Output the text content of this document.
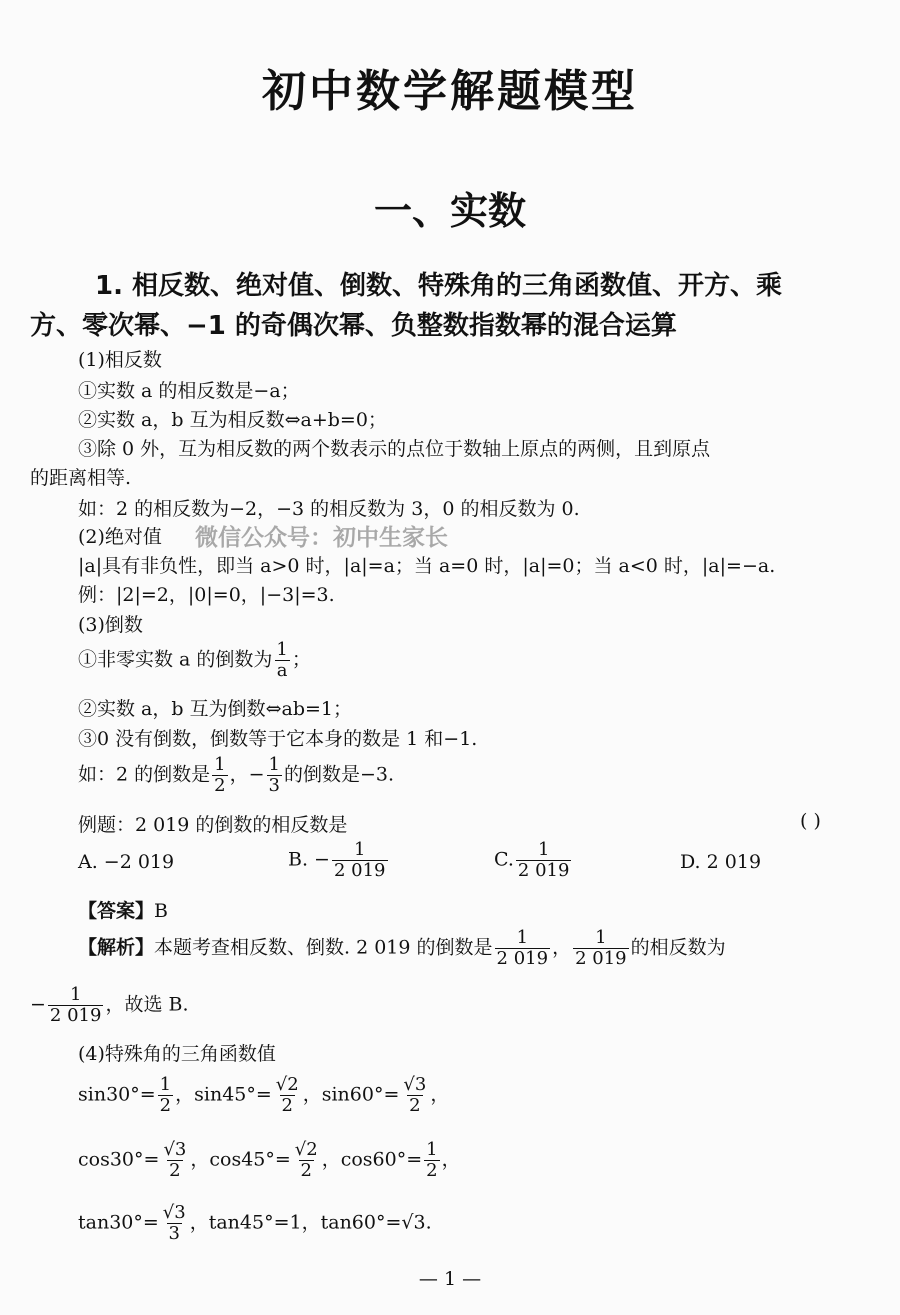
初中数学解题模型
一、实数
1. 相反数、绝对值、倒数、特殊角的三角函数值、开方、乘
方、零次幂、−1 的奇偶次幂、负整数指数幂的混合运算
(1)相反数
①实数 a 的相反数是−a；
②实数 a，b 互为相反数⇔a+b=0；
③除 0 外，互为相反数的两个数表示的点位于数轴上原点的两侧，且到原点
的距离相等.
如：2 的相反数为−2，−3 的相反数为 3，0 的相反数为 0.
(2)绝对值 微信公众号：初中生家长
|a|具有非负性，即当 a>0 时，|a|=a；当 a=0 时，|a|=0；当 a<0 时，|a|=−a.
例：|2|=2，|0|=0，|−3|=3.
(3)倒数
①非零实数 a 的倒数为 $\frac{1}{a}$ ；
②实数 a，b 互为倒数⇔ab=1；
③0 没有倒数，倒数等于它本身的数是 1 和−1.
如：2 的倒数是 $\frac{1}{2}$ ，− $\frac{1}{3}$ 的倒数是−3.
例题：2 019 的倒数的相反数是	( )
A. −2 019	B. − $\frac{1}{2 019}$	C. $\frac{1}{2 019}$	D. 2 019
【答案】B
【解析】本题考查相反数、倒数. 2 019 的倒数是 $\frac{1}{2 019}$ ， $\frac{1}{2 019}$ 的相反数为
− $\frac{1}{2 019}$ ，故选 B.
(4)特殊角的三角函数值
$\sin 30^\circ= \frac{1}{2}$ ，$\sin 45^\circ= \frac{√2}{2}$ ，$\sin 60^\circ= \frac{√3}{2}$ ，
$\cos 30^\circ= \frac{√3}{2}$ ，$\cos 45^\circ= \frac{√2}{2}$ ，$\cos 60^\circ= \frac{1}{2}$ ，
$\tan 30^\circ= \frac{√3}{3}$ ，tan45°=1，tan60°=√3.
— 1 —
